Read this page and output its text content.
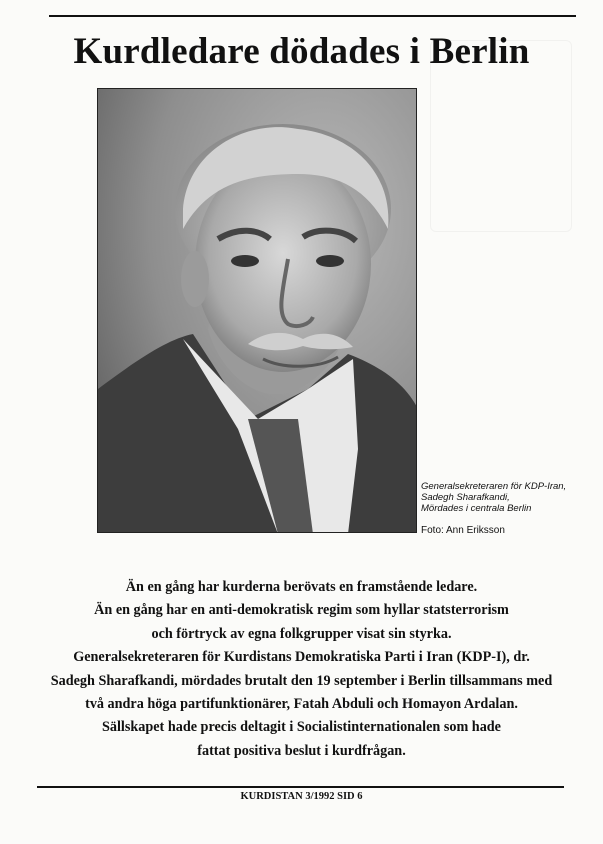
Kurdledare dödades i Berlin
Generalsekreteraren för KDP-Iran,
Sadegh Sharafkandi,
Mördades i centrala Berlin
Foto: Ann Eriksson
Än en gång har kurderna berövats en framstående ledare.
Än en gång har en anti-demokratisk regim som hyllar statsterrorism
och förtryck av egna folkgrupper visat sin styrka.
Generalsekreteraren för Kurdistans Demokratiska Parti i Iran (KDP-I), dr.
Sadegh Sharafkandi, mördades brutalt den 19 september i Berlin tillsammans med
två andra höga partifunktionärer, Fatah Abduli och Homayon Ardalan.
Sällskapet hade precis deltagit i Socialistinternationalen som hade
fattat positiva beslut i kurdfrågan.
KURDISTAN 3/1992 SID 6
